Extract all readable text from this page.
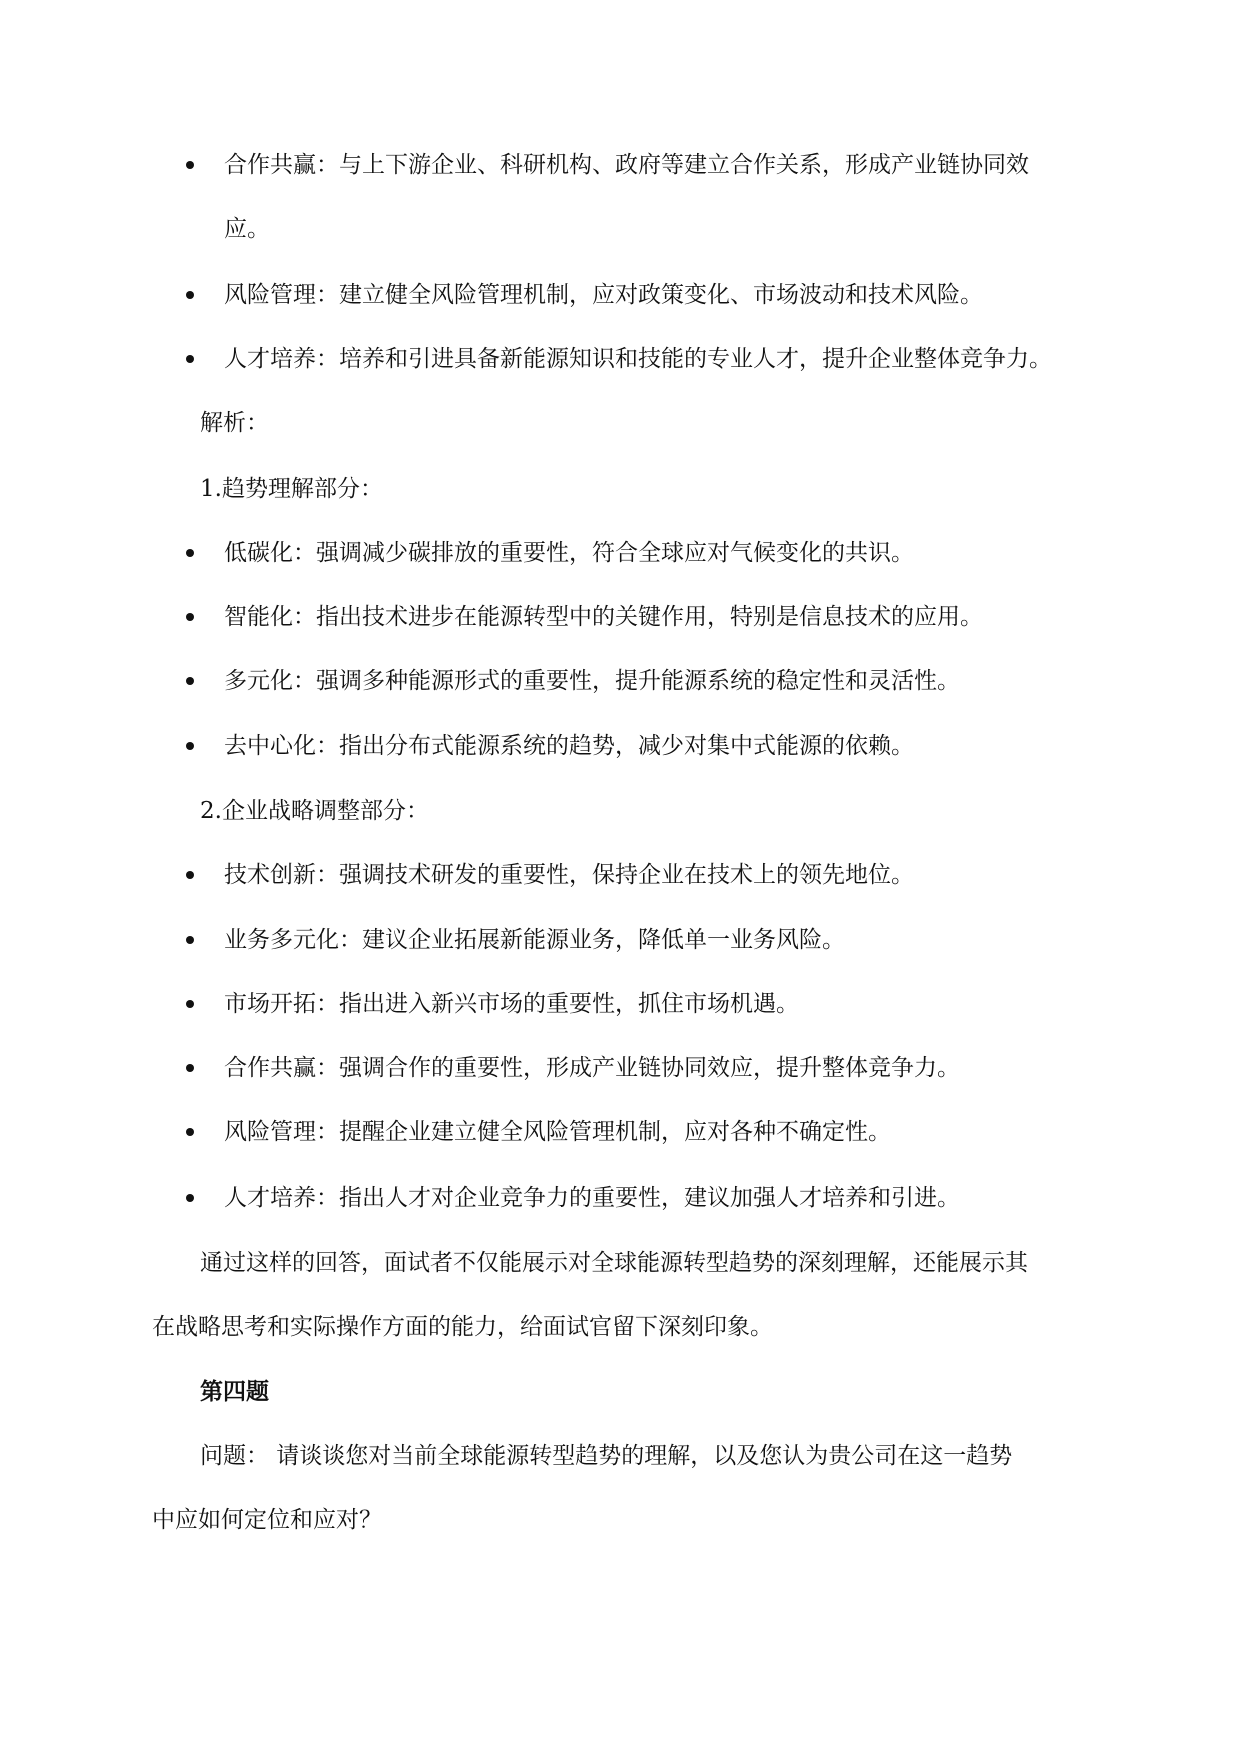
合作共赢：与上下游企业、科研机构、政府等建立合作关系，形成产业链协同效
应。
风险管理：建立健全风险管理机制，应对政策变化、市场波动和技术风险。
人才培养：培养和引进具备新能源知识和技能的专业人才，提升企业整体竞争力。
解析：
1.趋势理解部分：
低碳化：强调减少碳排放的重要性，符合全球应对气候变化的共识。
智能化：指出技术进步在能源转型中的关键作用，特别是信息技术的应用。
多元化：强调多种能源形式的重要性，提升能源系统的稳定性和灵活性。
去中心化：指出分布式能源系统的趋势，减少对集中式能源的依赖。
2.企业战略调整部分：
技术创新：强调技术研发的重要性，保持企业在技术上的领先地位。
业务多元化：建议企业拓展新能源业务，降低单一业务风险。
市场开拓：指出进入新兴市场的重要性，抓住市场机遇。
合作共赢：强调合作的重要性，形成产业链协同效应，提升整体竞争力。
风险管理：提醒企业建立健全风险管理机制，应对各种不确定性。
人才培养：指出人才对企业竞争力的重要性，建议加强人才培养和引进。
通过这样的回答，面试者不仅能展示对全球能源转型趋势的深刻理解，还能展示其
在战略思考和实际操作方面的能力，给面试官留下深刻印象。
第四题
问题： 请谈谈您对当前全球能源转型趋势的理解，以及您认为贵公司在这一趋势
中应如何定位和应对？
